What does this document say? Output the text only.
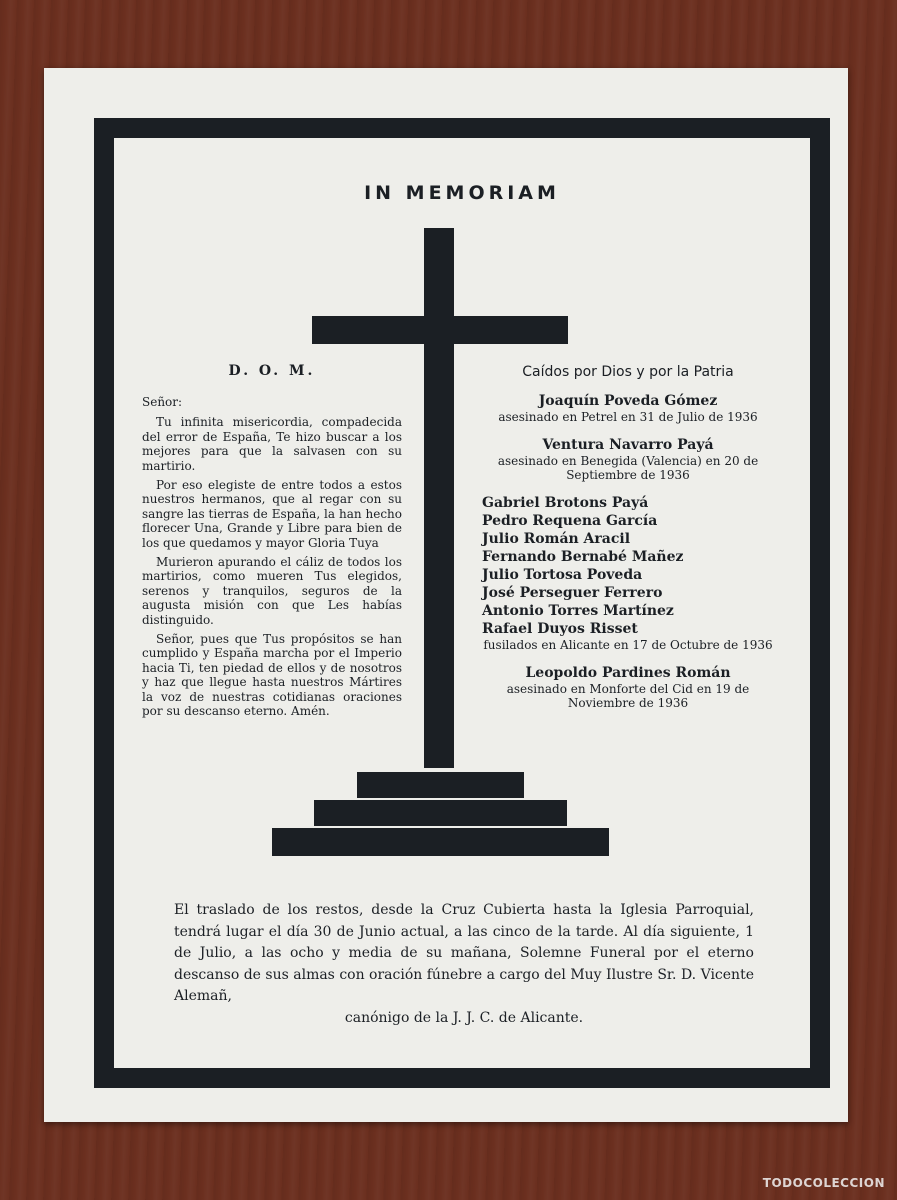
IN MEMORIAM
D. O. M.
Señor:

Tu infinita misericordia, compadecida del error de España, Te hizo buscar a los mejores para que la salvasen con su martirio.

Por eso elegiste de entre todos a estos nuestros hermanos, que al regar con su sangre las tierras de España, la han hecho florecer Una, Grande y Libre para bien de los que quedamos y mayor Gloria Tuya

Murieron apurando el cáliz de todos los martirios, como mueren Tus elegidos, serenos y tranquilos, seguros de la augusta misión con que Les habías distinguido.

Señor, pues que Tus propósitos se han cumplido y España marcha por el Imperio hacia Ti, ten piedad de ellos y de nosotros y haz que llegue hasta nuestros Mártires la voz de nuestras cotidianas oraciones por su descanso eterno. Amén.

Caídos por Dios y por la Patria
Joaquín Poveda Gómez
asesinado en Petrel en 31 de Julio de 1936
Ventura Navarro Payá
asesinado en Benegida (Valencia) en 20 de Septiembre de 1936
Gabriel Brotons Payá
Pedro Requena García
Julio Román Aracil
Fernando Bernabé Mañez
Julio Tortosa Poveda
José Perseguer Ferrero
Antonio Torres Martínez
Rafael Duyos Risset
fusilados en Alicante en 17 de Octubre de 1936
Leopoldo Pardines Román
asesinado en Monforte del Cid en 19 de Noviembre de 1936
El traslado de los restos, desde la Cruz Cubierta hasta la Iglesia Parroquial, tendrá lugar el día 30 de Junio actual, a las cinco de la tarde. Al día siguiente, 1 de Julio, a las ocho y media de su mañana, Solemne Funeral por el eterno descanso de sus almas con oración fúnebre a cargo del Muy Ilustre Sr. D. Vicente Alemañ,
canónigo de la J. J. C. de Alicante.
TODOCOLECCION
